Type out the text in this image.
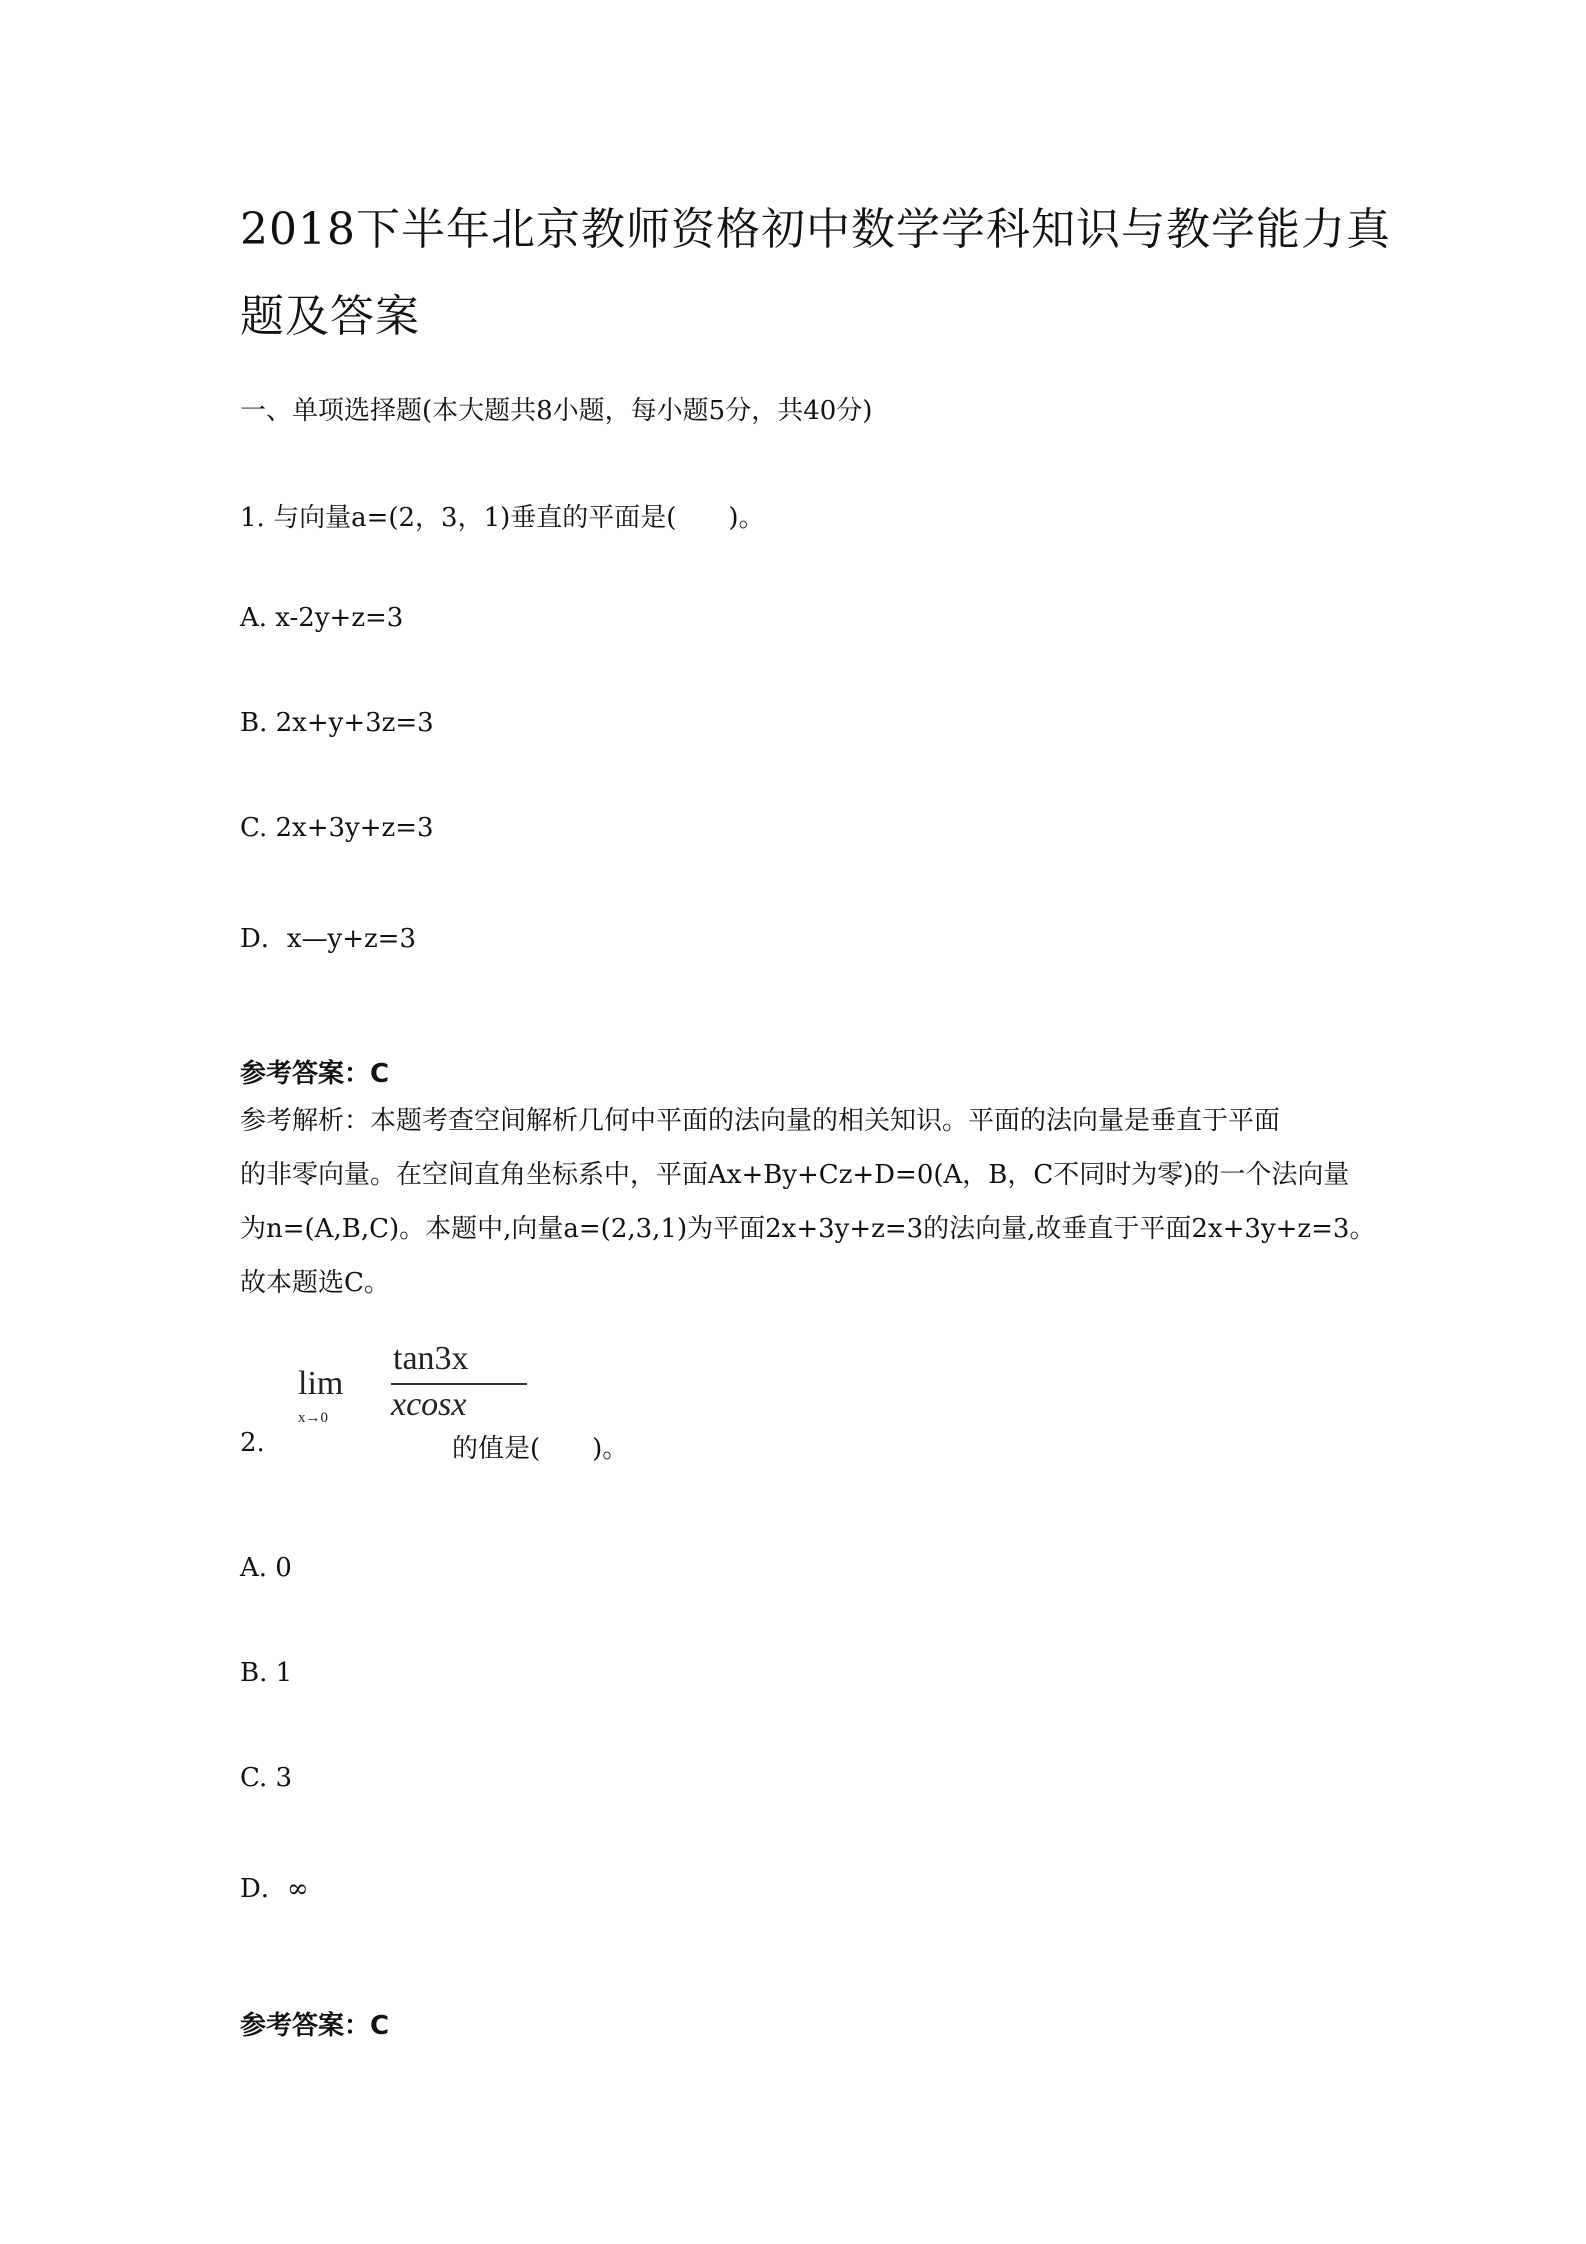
2018下半年北京教师资格初中数学学科知识与教学能力真
题及答案
一、单项选择题(本大题共8小题，每小题5分，共40分)
1. 与向量a=(2，3，1)垂直的平面是(　　)。
A. x-2y+z=3
B. 2x+y+3z=3
C. 2x+3y+z=3
D．x—y+z=3
参考答案：C

参考解析：本题考查空间解析几何中平面的法向量的相关知识。平面的法向量是垂直于平面

的非零向量。在空间直角坐标系中，平面Ax+By+Cz+D=0(A，B，C不同时为零)的一个法向量

为n=(A,B,C)。本题中,向量a=(2,3,1)为平面2x+3y+z=3的法向量,故垂直于平面2x+3y+z=3。

故本题选C。

2.
tan3x
xcosx
lim
x→0
的值是(　　)。
A. 0
B. 1
C. 3
D．∞
参考答案：C
